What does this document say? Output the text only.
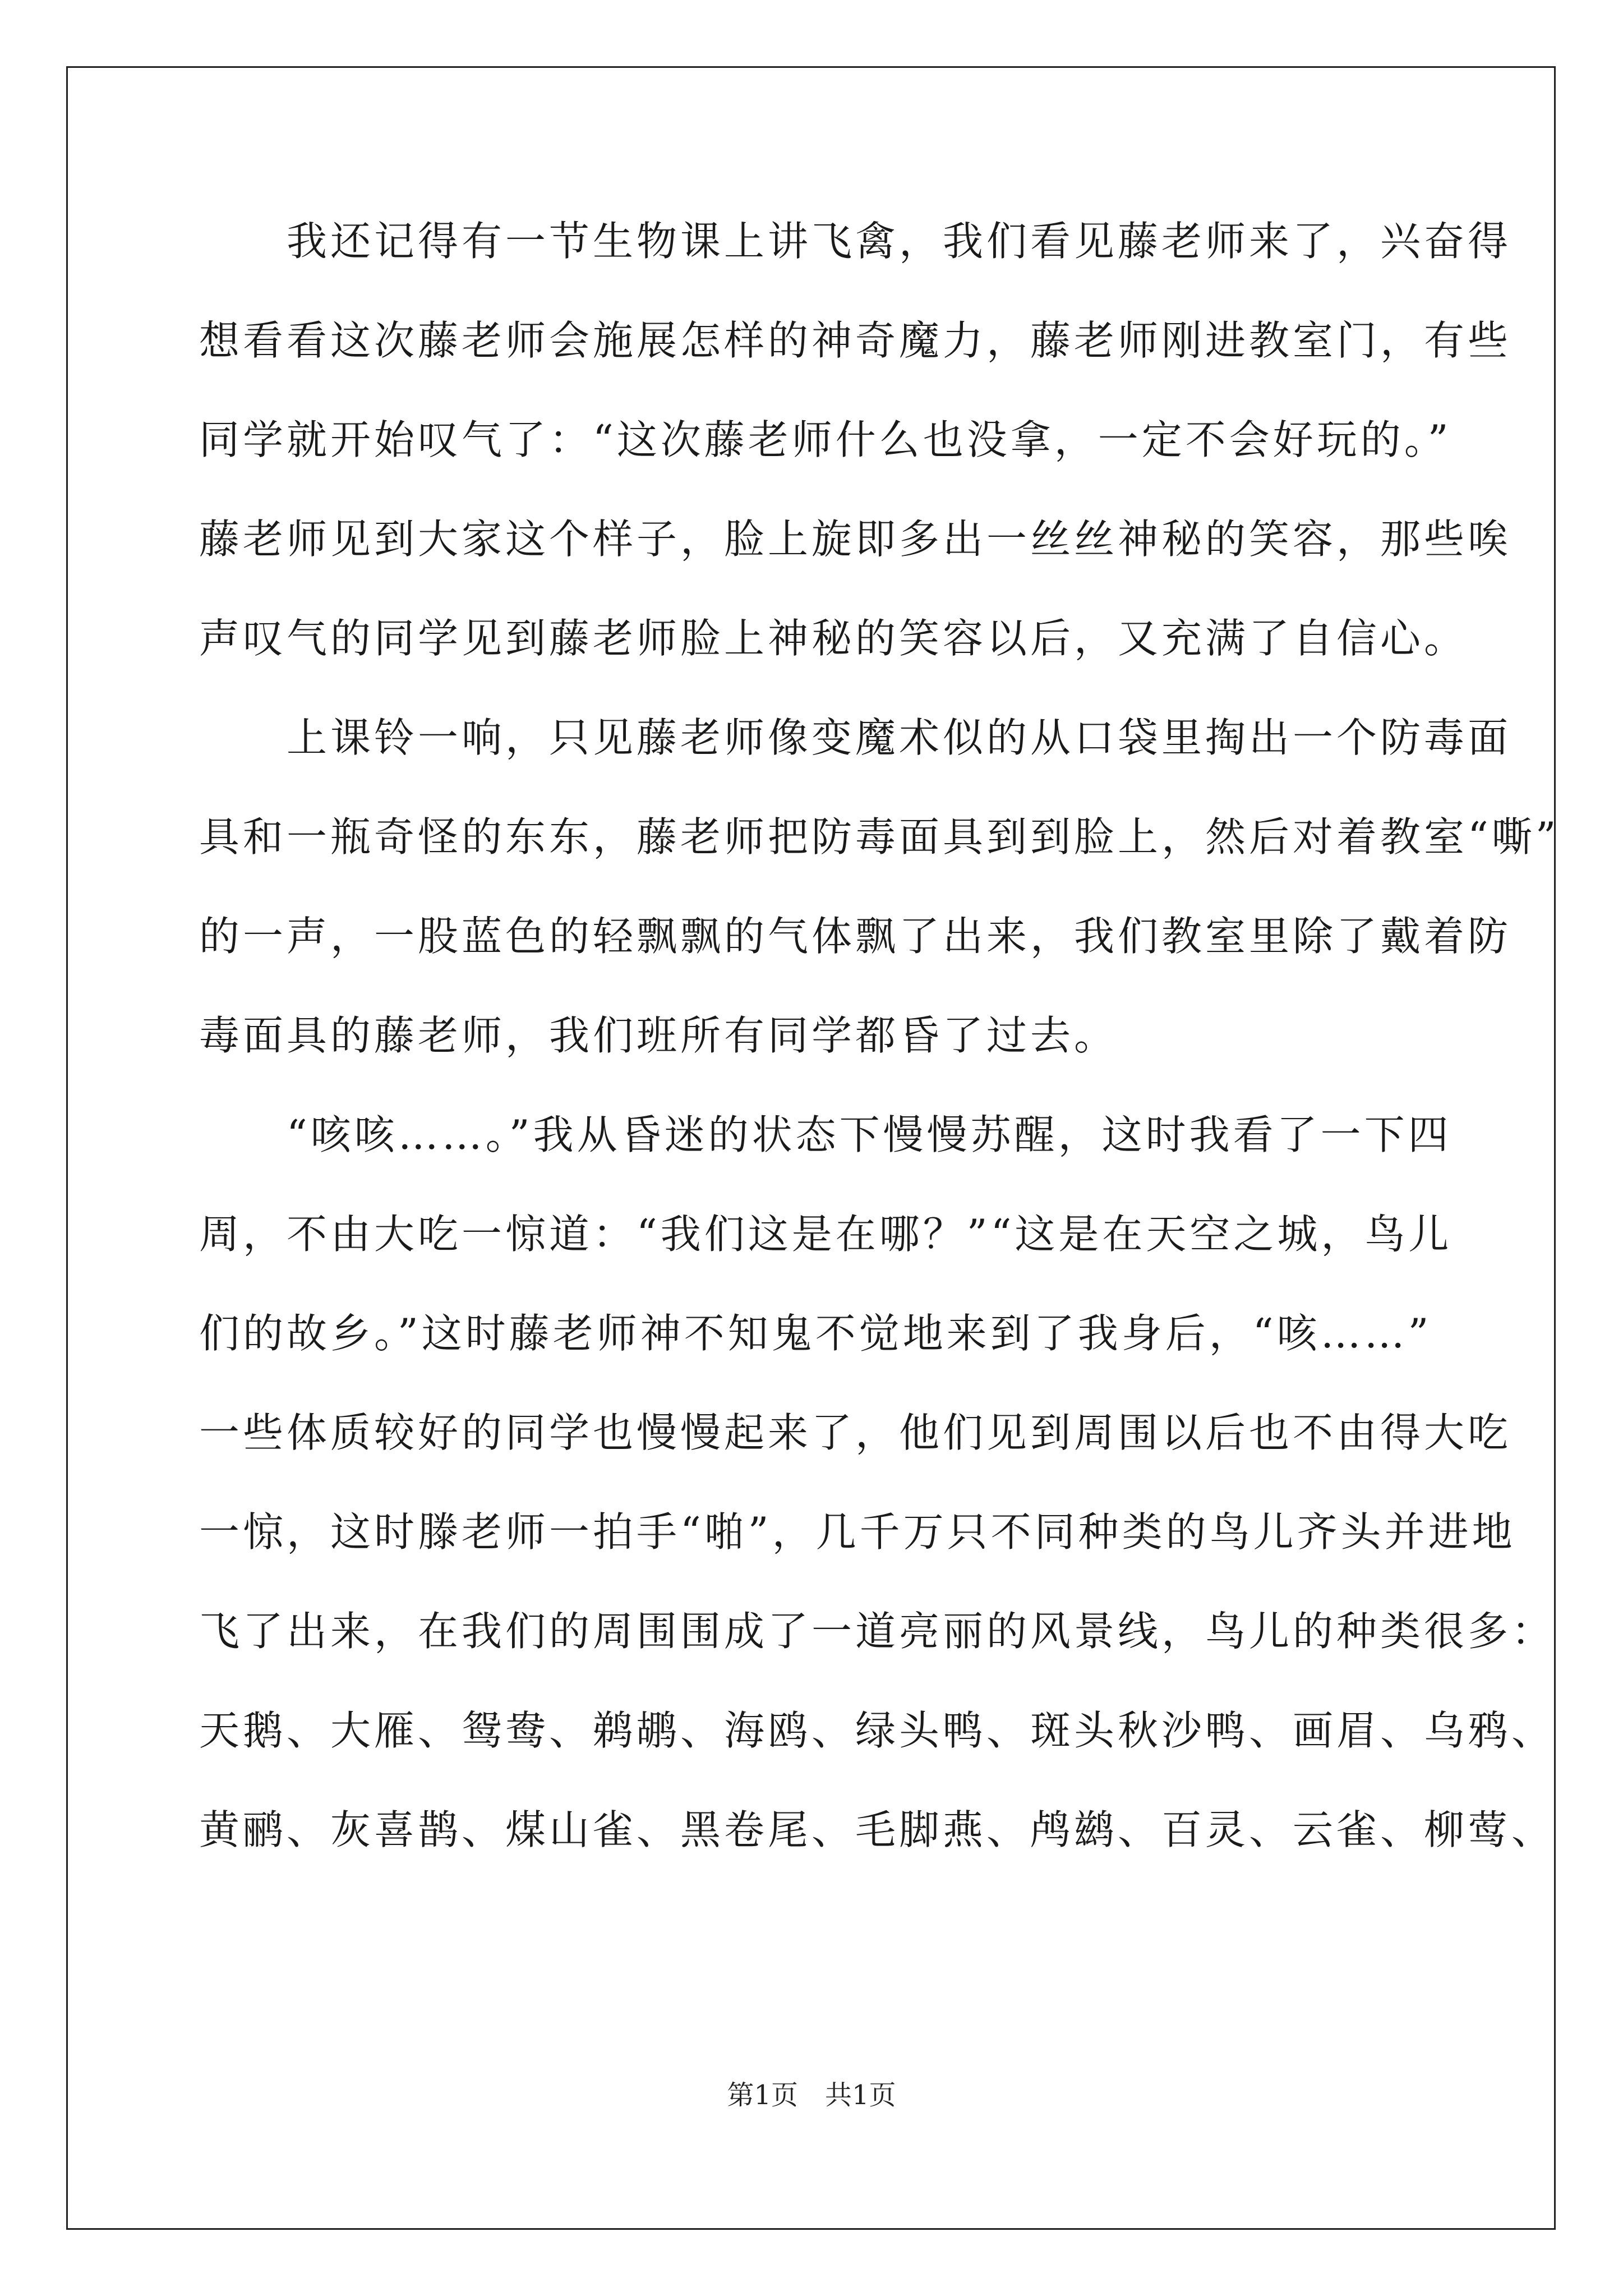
　　我还记得有一节生物课上讲飞禽，我们看见藤老师来了，兴奋得
想看看这次藤老师会施展怎样的神奇魔力，藤老师刚进教室门，有些
同学就开始叹气了：“这次藤老师什么也没拿，一定不会好玩的。”
藤老师见到大家这个样子，脸上旋即多出一丝丝神秘的笑容，那些唉
声叹气的同学见到藤老师脸上神秘的笑容以后，又充满了自信心。
　　上课铃一响，只见藤老师像变魔术似的从口袋里掏出一个防毒面
具和一瓶奇怪的东东，藤老师把防毒面具到到脸上，然后对着教室“嘶”
的一声，一股蓝色的轻飘飘的气体飘了出来，我们教室里除了戴着防
毒面具的藤老师，我们班所有同学都昏了过去。
　　“咳咳……。”我从昏迷的状态下慢慢苏醒，这时我看了一下四
周，不由大吃一惊道：“我们这是在哪？”“这是在天空之城，鸟儿
们的故乡。”这时藤老师神不知鬼不觉地来到了我身后，“咳……”
一些体质较好的同学也慢慢起来了，他们见到周围以后也不由得大吃
一惊，这时滕老师一拍手“啪”，几千万只不同种类的鸟儿齐头并进地
飞了出来，在我们的周围围成了一道亮丽的风景线，鸟儿的种类很多：
天鹅、大雁、鸳鸯、鹈鹕、海鸥、绿头鸭、斑头秋沙鸭、画眉、乌鸦、
黄鹂、灰喜鹊、煤山雀、黑卷尾、毛脚燕、鸬鹚、百灵、云雀、柳莺、
第1页　共1页
